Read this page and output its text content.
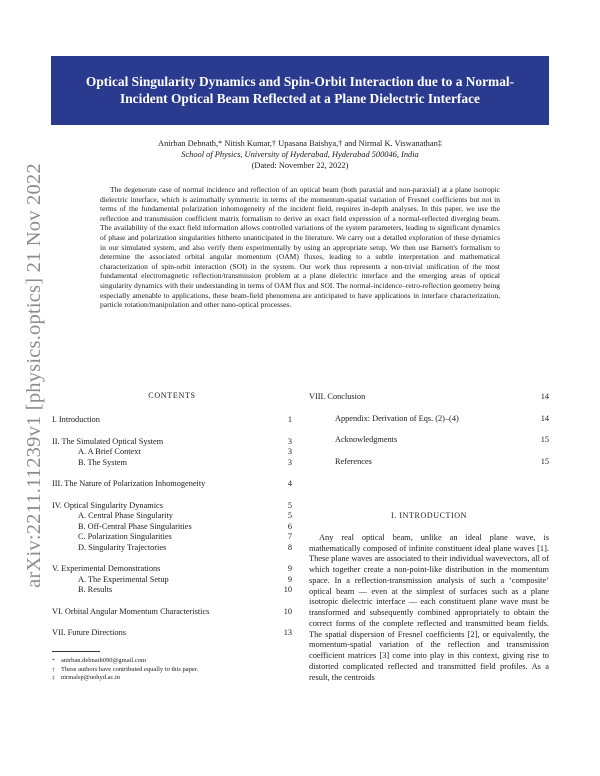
arXiv:2211.11239v1 [physics.optics] 21 Nov 2022
Optical Singularity Dynamics and Spin-Orbit Interaction due to a Normal-Incident Optical Beam Reflected at a Plane Dielectric Interface
Anirban Debnath,* Nitish Kumar,† Upasana Baishya,† and Nirmal K. Viswanathan‡
School of Physics, University of Hyderabad, Hyderabad 500046, India
(Dated: November 22, 2022)

The degenerate case of normal incidence and reflection of an optical beam (both paraxial and non-paraxial) at a plane isotropic dielectric interface, which is azimuthally symmetric in terms of the momentum-spatial variation of Fresnel coefficients but not in terms of the fundamental polarization inhomogeneity of the incident field, requires in-depth analyses. In this paper, we use the reflection and transmission coefficient matrix formalism to derive an exact field expression of a normal-reflected diverging beam. The availability of the exact field information allows controlled variations of the system parameters, leading to significant dynamics of phase and polarization singularities hitherto unanticipated in the literature. We carry out a detailed exploration of these dynamics in our simulated system, and also verify them experimentally by using an appropriate setup. We then use Barnett's formalism to determine the associated orbital angular momentum (OAM) fluxes, leading to a subtle interpretation and mathematical characterization of spin-orbit interaction (SOI) in the system. Our work thus represents a non-trivial unification of the most fundamental electromagnetic reflection/transmission problem at a plane dielectric interface and the emerging areas of optical singularity dynamics with their understanding in terms of OAM flux and SOI. The normal-incidence–retro-reflection geometry being especially amenable to applications, these beam-field phenomena are anticipated to have applications in interface characterization, particle rotation/manipulation and other nano-optical processes.

CONTENTS
I. Introduction	1
II. The Simulated Optical System	3
A. A Brief Context	3
B. The System	3
III. The Nature of Polarization Inhomogeneity	4
IV. Optical Singularity Dynamics	5
A. Central Phase Singularity	5
B. Off-Central Phase Singularities	6
C. Polarization Singularities	7
D. Singularity Trajectories	8
V. Experimental Demonstrations	9
A. The Experimental Setup	9
B. Results	10
VI. Orbital Angular Momentum Characteristics	10
VII. Future Directions	13
VIII. Conclusion	14
Appendix: Derivation of Eqs. (2)–(4)	14
Acknowledgments	15
References	15
* anirban.debnath090@gmail.com
† These authors have contributed equally to this paper.
‡ nirmalsp@uohyd.ac.in
I. INTRODUCTION

Any real optical beam, unlike an ideal plane wave, is mathematically composed of infinite constituent ideal plane waves [1]. These plane waves are associated to their individual wavevectors, all of which together create a non-point-like distribution in the momentum space. In a reflection-transmission analysis of such a ‘composite’ optical beam — even at the simplest of surfaces such as a plane isotropic dielectric interface — each constituent plane wave must be transformed and subsequently combined appropriately to obtain the correct forms of the complete reflected and transmitted beam fields. The spatial dispersion of Fresnel coefficients [2], or equivalently, the momentum-spatial variation of the reflection and transmission coefficient matrices [3] come into play in this context, giving rise to distorted complicated reflected and transmitted field profiles. As a result, the centroids
